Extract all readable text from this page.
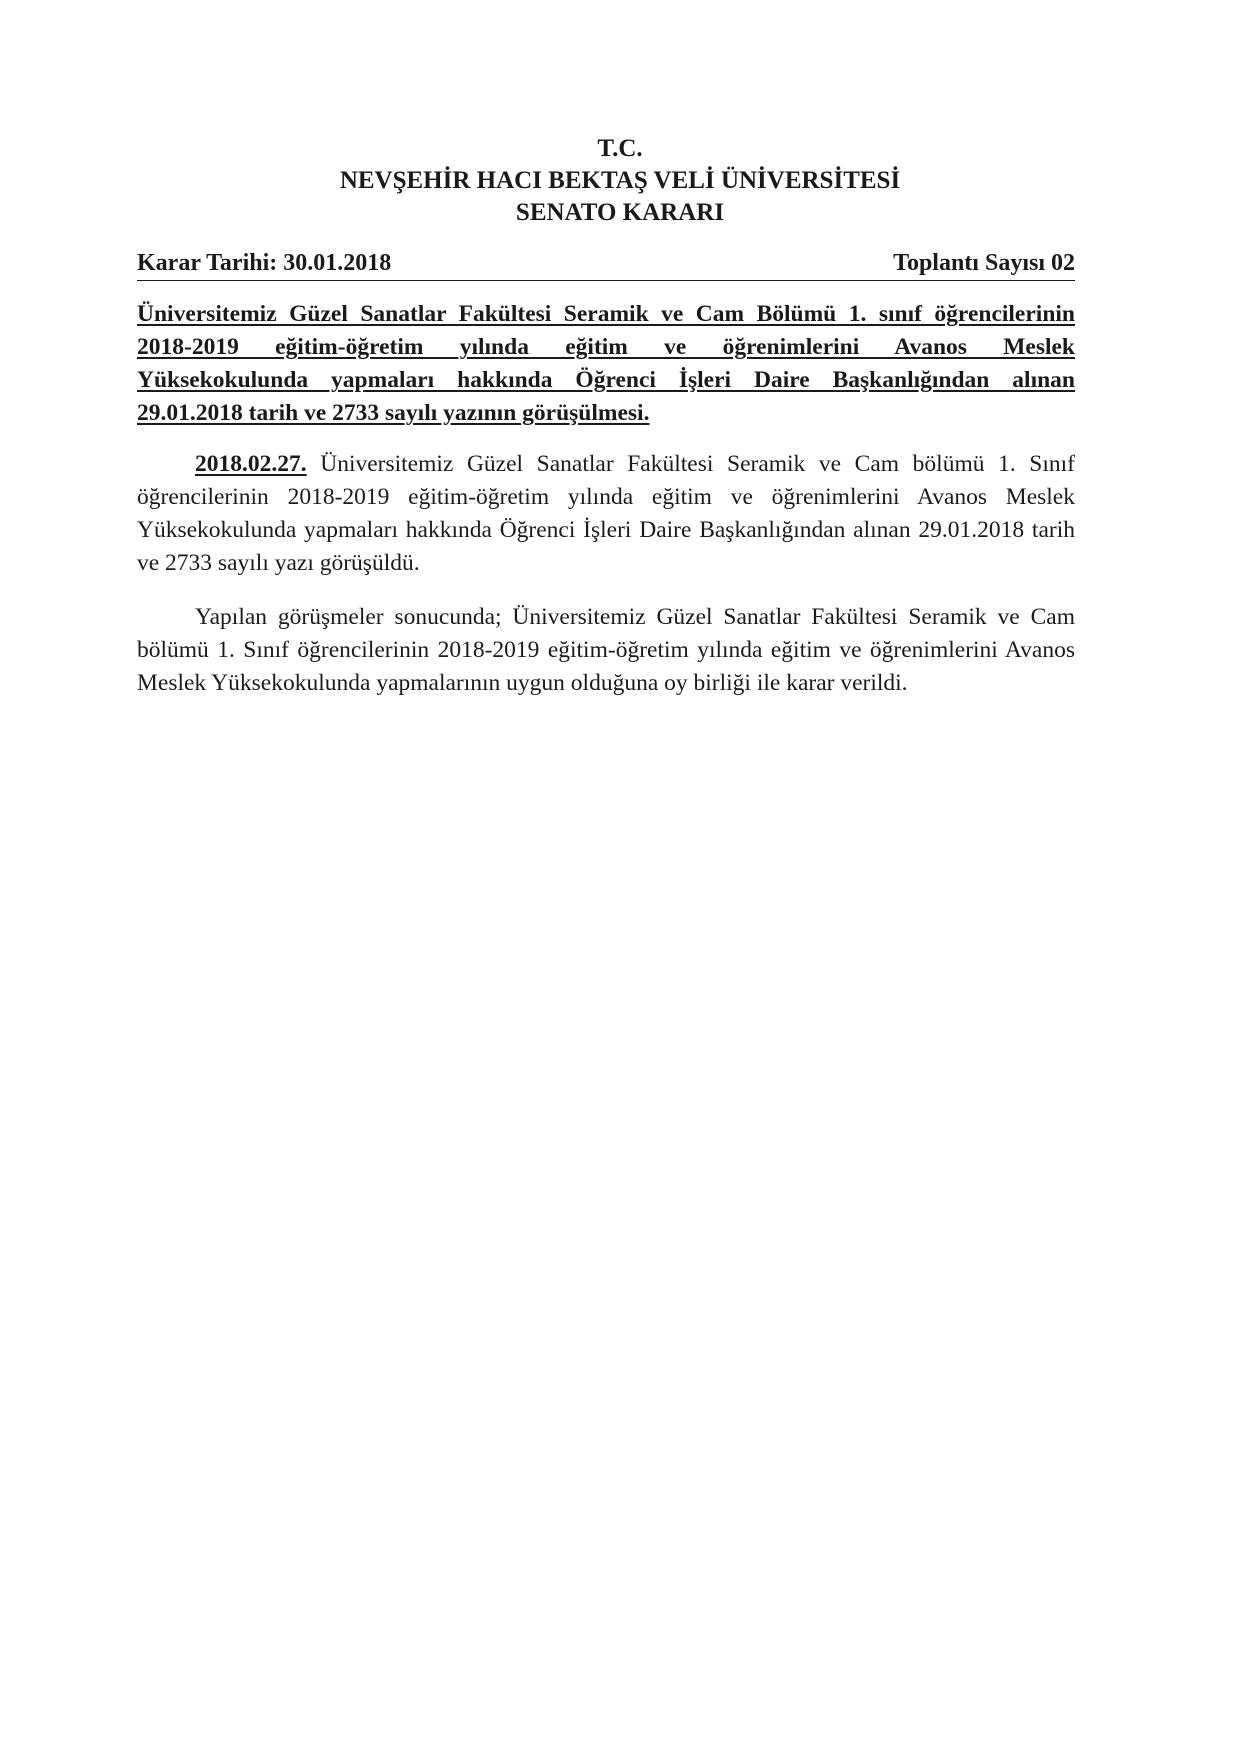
T.C.
NEVŞEHİR HACI BEKTAŞ VELİ ÜNİVERSİTESİ
SENATO KARARI
Karar Tarihi: 30.01.2018	Toplantı Sayısı 02
Üniversitemiz Güzel Sanatlar Fakültesi Seramik ve Cam Bölümü 1. sınıf öğrencilerinin
2018-2019 eğitim-öğretim yılında eğitim ve öğrenimlerini Avanos Meslek
Yüksekokulunda yapmaları hakkında Öğrenci İşleri Daire Başkanlığından alınan
29.01.2018 tarih ve 2733 sayılı yazının görüşülmesi.
2018.02.27. Üniversitemiz Güzel Sanatlar Fakültesi Seramik ve Cam bölümü 1. Sınıf öğrencilerinin 2018-2019 eğitim-öğretim yılında eğitim ve öğrenimlerini Avanos Meslek Yüksekokulunda yapmaları hakkında Öğrenci İşleri Daire Başkanlığından alınan 29.01.2018 tarih ve 2733 sayılı yazı görüşüldü.
Yapılan görüşmeler sonucunda; Üniversitemiz Güzel Sanatlar Fakültesi Seramik ve Cam bölümü 1. Sınıf öğrencilerinin 2018-2019 eğitim-öğretim yılında eğitim ve öğrenimlerini Avanos Meslek Yüksekokulunda yapmalarının uygun olduğuna oy birliği ile karar verildi.
